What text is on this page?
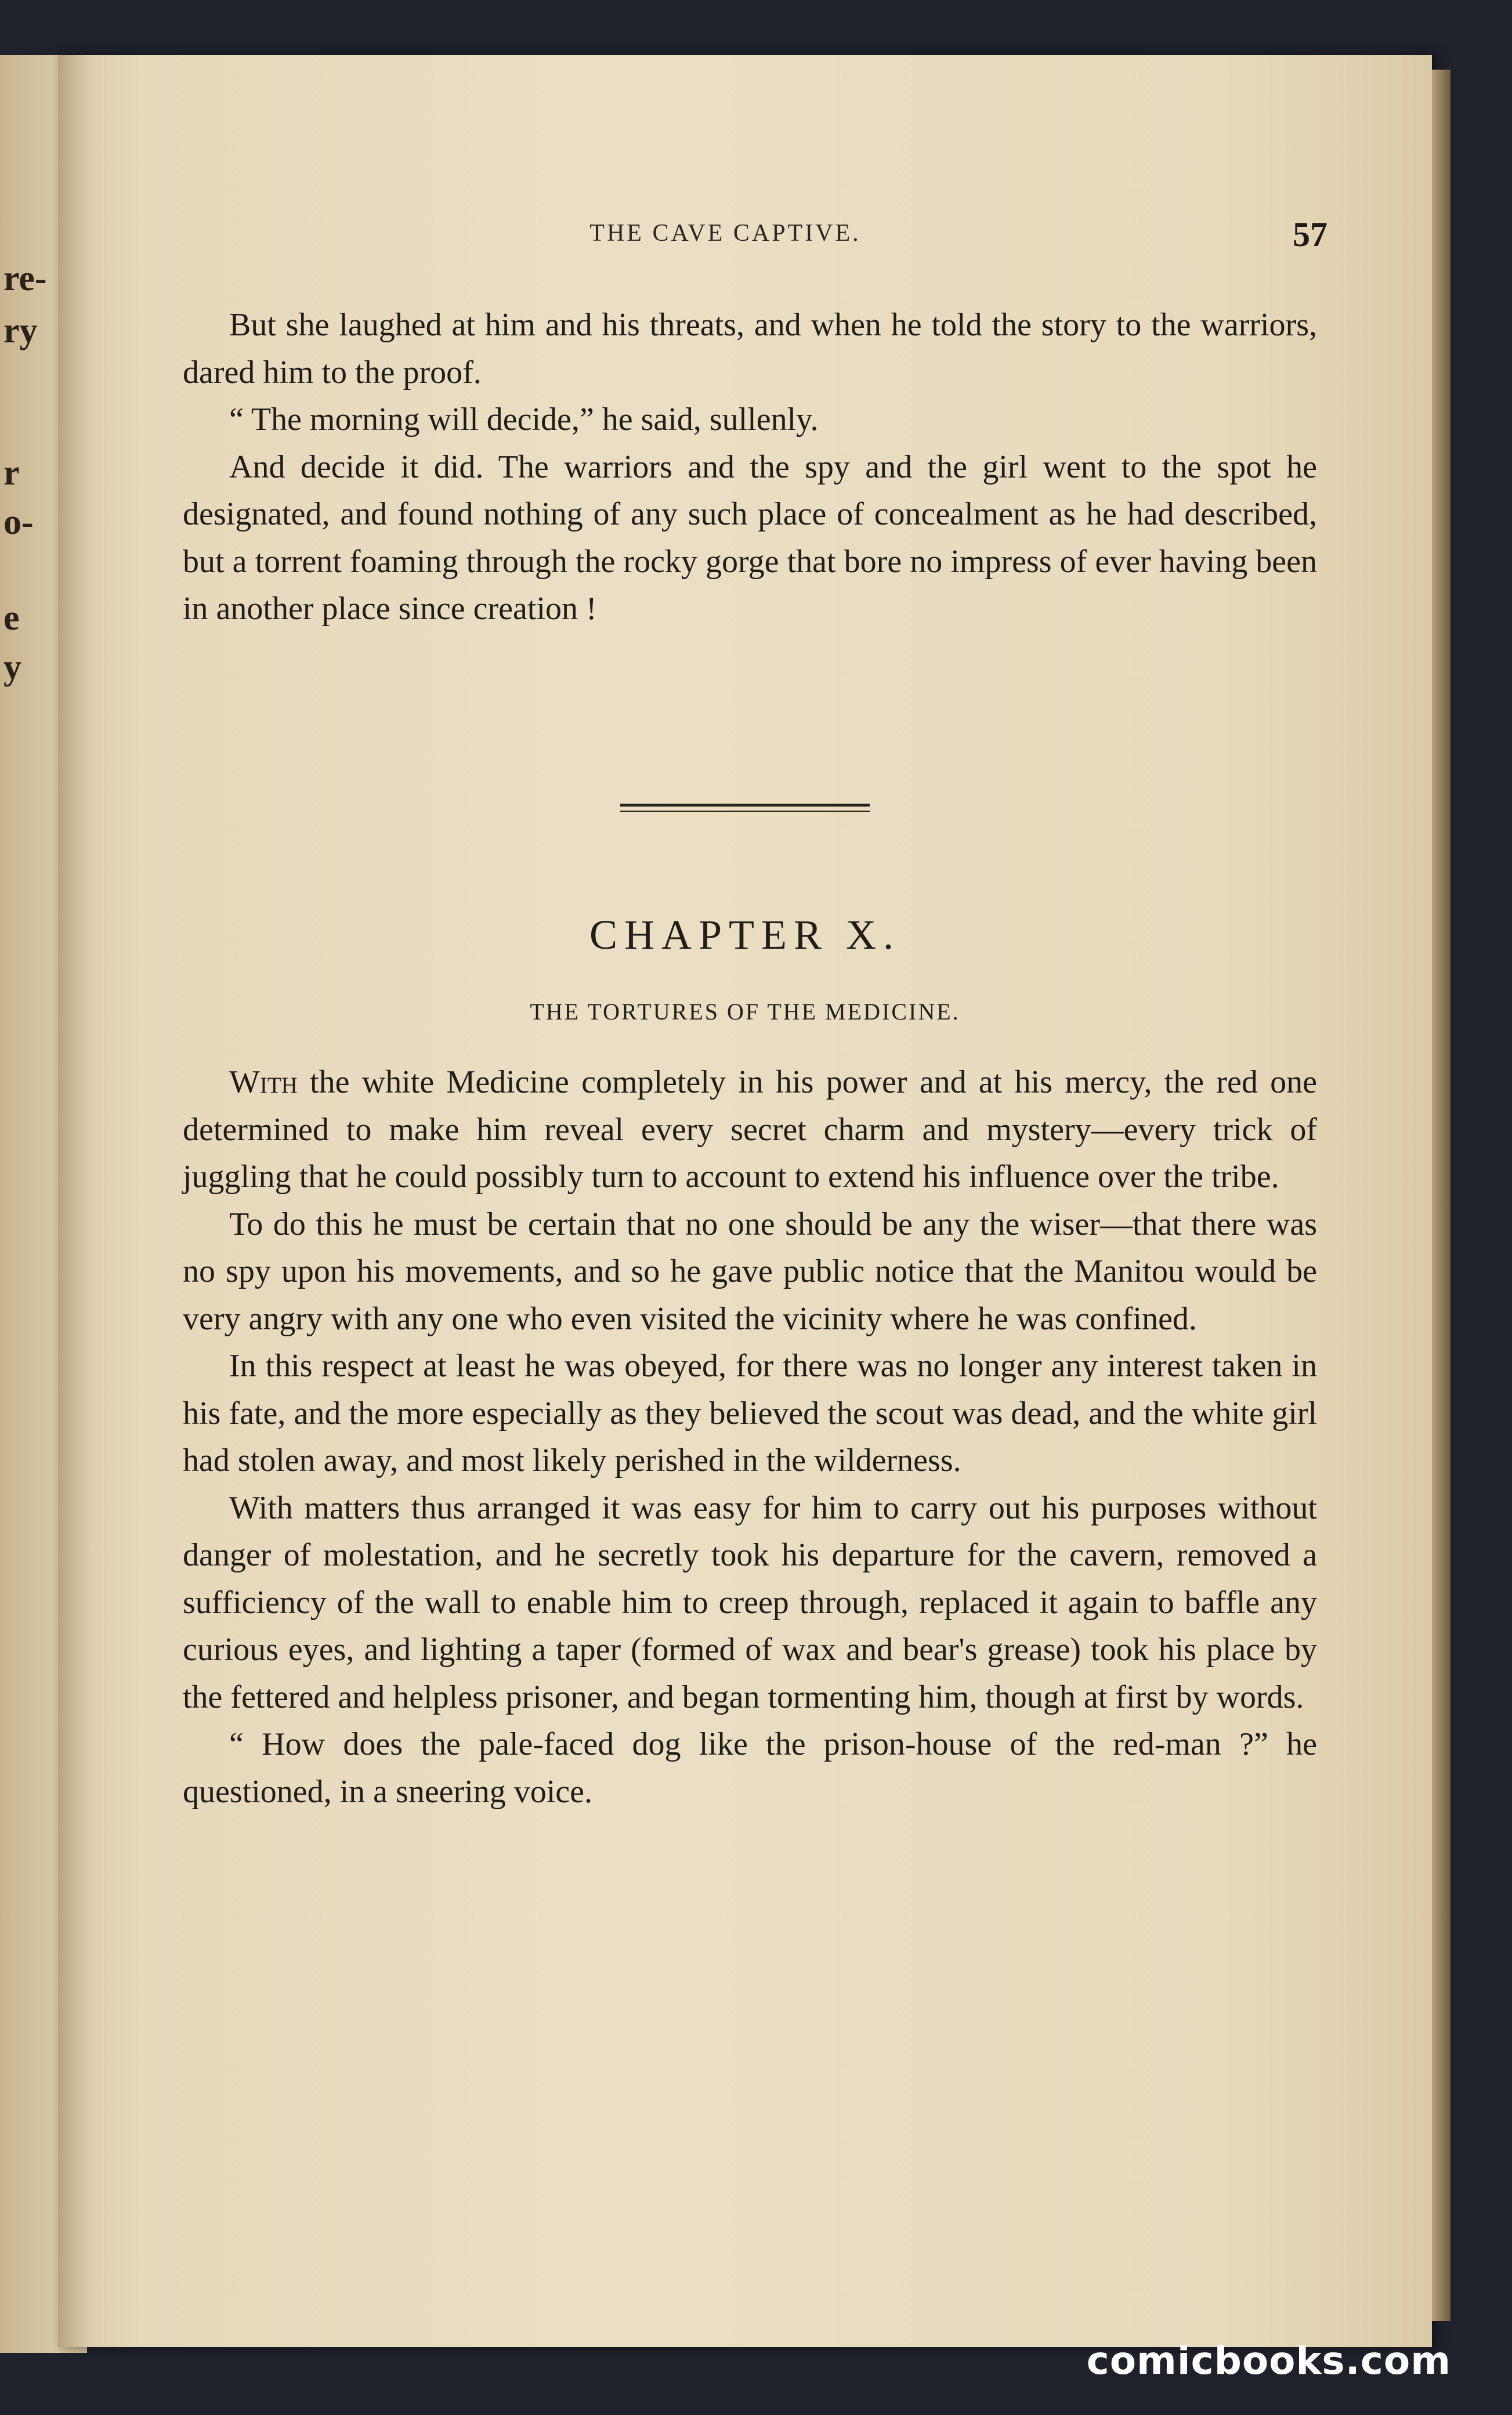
re-
ry
r
o-
e
y
THE CAVE CAPTIVE.	57

But she laughed at him and his threats, and when he told the story to the warriors, dared him to the proof.

“ The morning will decide,” he said, sullenly.

And decide it did. The warriors and the spy and the girl went to the spot he designated, and found nothing of any such place of concealment as he had described, but a torrent foaming through the rocky gorge that bore no impress of ever having been in another place since creation !

CHAPTER X.
THE TORTURES OF THE MEDICINE.

With the white Medicine completely in his power and at his mercy, the red one determined to make him reveal every secret charm and mystery—every trick of juggling that he could possibly turn to account to extend his influence over the tribe.

To do this he must be certain that no one should be any the wiser—that there was no spy upon his movements, and so he gave public notice that the Manitou would be very angry with any one who even visited the vicinity where he was confined.

In this respect at least he was obeyed, for there was no longer any interest taken in his fate, and the more especially as they believed the scout was dead, and the white girl had stolen away, and most likely perished in the wilderness.

With matters thus arranged it was easy for him to carry out his purposes without danger of molestation, and he secretly took his departure for the cavern, removed a sufficiency of the wall to enable him to creep through, replaced it again to baffle any curious eyes, and lighting a taper (formed of wax and bear's grease) took his place by the fettered and helpless prisoner, and began tormenting him, though at first by words.

“ How does the pale-faced dog like the prison-house of the red-man ?” he questioned, in a sneering voice.

comicbooks.com
